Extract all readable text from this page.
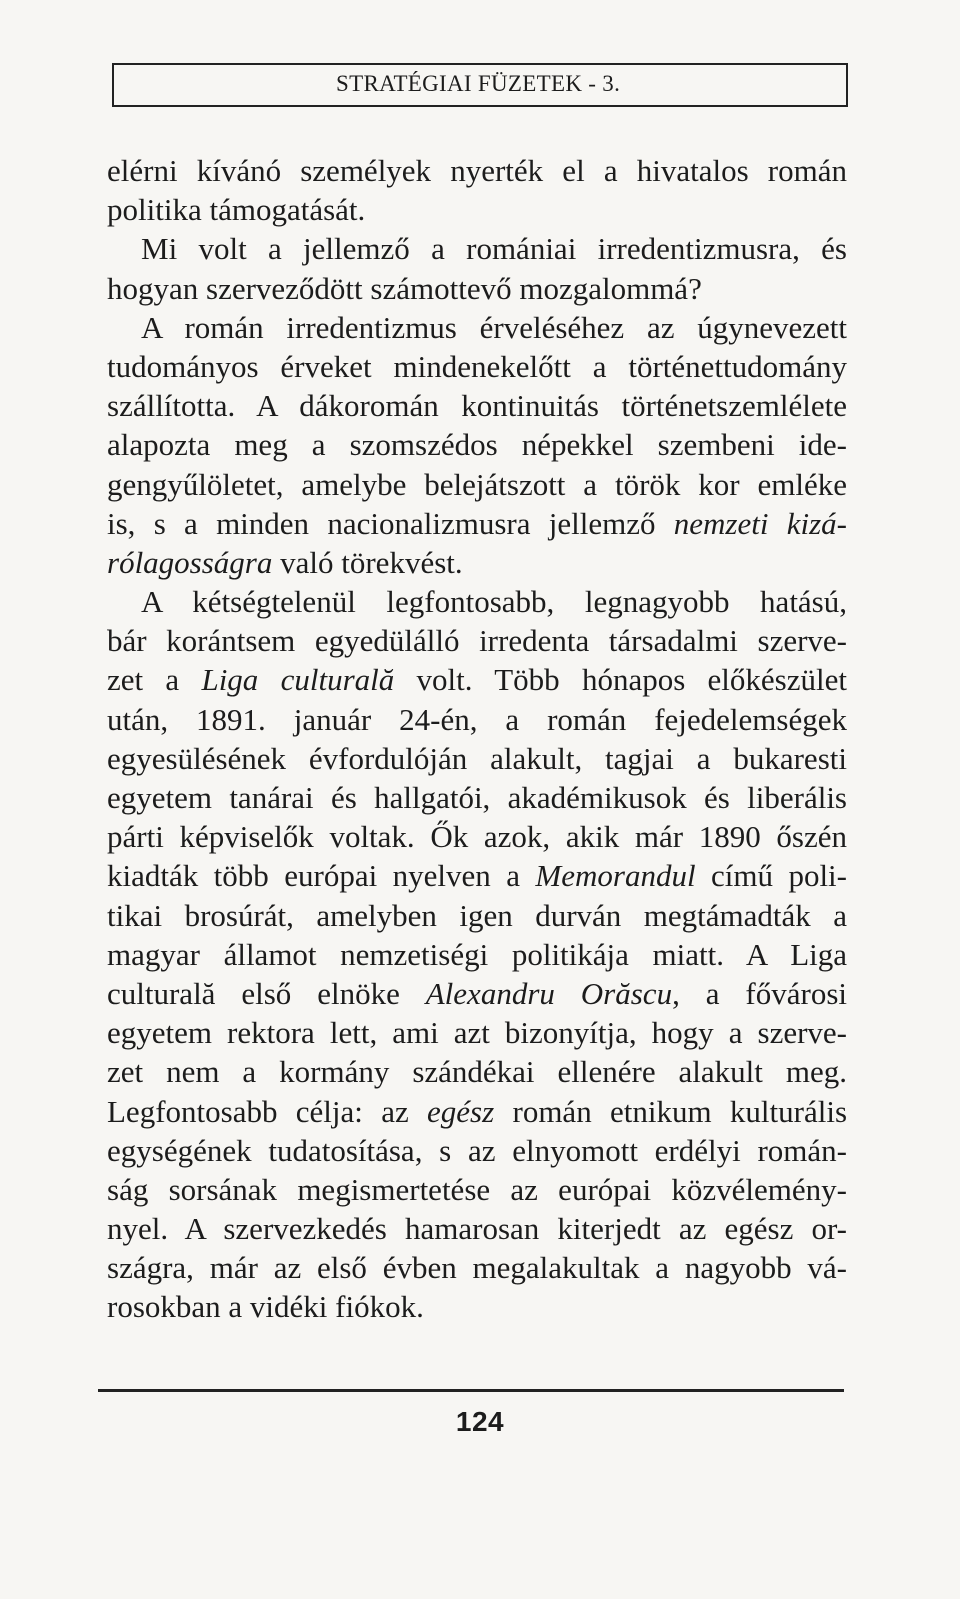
STRATÉGIAI FÜZETEK - 3.
elérni kívánó személyek nyerték el a hivatalos román
politika támogatását.
Mi volt a jellemző a romániai irredentizmusra, és
hogyan szerveződött számottevő mozgalommá?
A román irredentizmus érveléséhez az úgynevezett
tudományos érveket mindenekelőtt a történettudomány
szállította. A dákoromán kontinuitás történetszemlélete
alapozta meg a szomszédos népekkel szembeni ide-
gengyűlöletet, amelybe belejátszott a török kor emléke
is, s a minden nacionalizmusra jellemző nemzeti kizá-
rólagosságra való törekvést.
A kétségtelenül legfontosabb, legnagyobb hatású,
bár korántsem egyedülálló irredenta társadalmi szerve-
zet a Liga culturală volt. Több hónapos előkészület
után, 1891. január 24-én, a román fejedelemségek
egyesülésének évfordulóján alakult, tagjai a bukaresti
egyetem tanárai és hallgatói, akadémikusok és liberális
párti képviselők voltak. Ők azok, akik már 1890 őszén
kiadták több európai nyelven a Memorandul című poli-
tikai brosúrát, amelyben igen durván megtámadták a
magyar államot nemzetiségi politikája miatt. A Liga
culturală első elnöke Alexandru Orăscu, a fővárosi
egyetem rektora lett, ami azt bizonyítja, hogy a szerve-
zet nem a kormány szándékai ellenére alakult meg.
Legfontosabb célja: az egész román etnikum kulturális
egységének tudatosítása, s az elnyomott erdélyi román-
ság sorsának megismertetése az európai közvélemény-
nyel. A szervezkedés hamarosan kiterjedt az egész or-
szágra, már az első évben megalakultak a nagyobb vá-
rosokban a vidéki fiókok.
124
